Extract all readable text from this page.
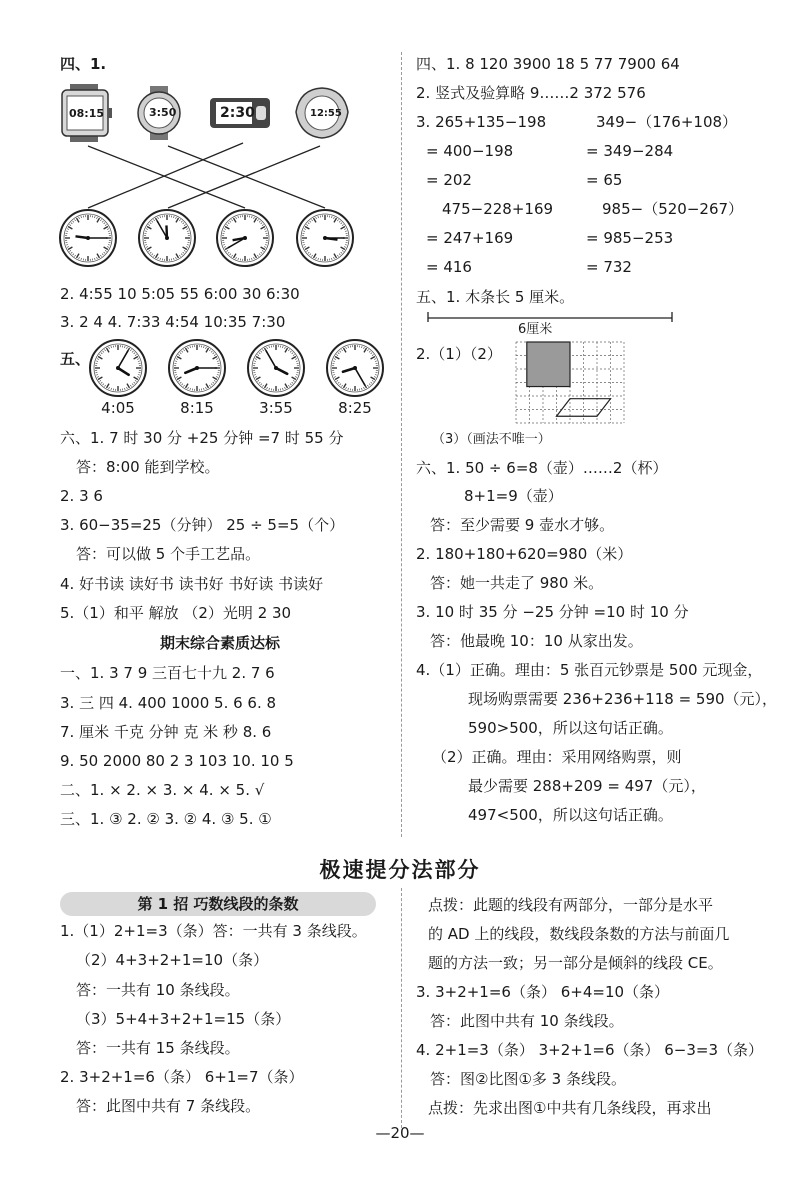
四、1.
08:15	3:50	2:30	12:55
2. 4:55 10 5:05 55 6:00 30 6:30
3. 2 4 4. 7:33 4:54 10:35 7:30
五、
4:05	8:15	3:55	8:25
六、1. 7 时 30 分 +25 分钟 =7 时 55 分
答：8:00 能到学校。
2. 3 6
3. 60−35=25（分钟） 25 ÷ 5=5（个）
答：可以做 5 个手工艺品。
4. 好书读 读好书 读书好 书好读 书读好
5.（1）和平 解放 （2）光明 2 30
期末综合素质达标
一、1. 3 7 9 三百七十九 2. 7 6
3. 三 四 4. 400 1000 5. 6 6. 8
7. 厘米 千克 分钟 克 米 秒 8. 6
9. 50 2000 80 2 3 103 10. 10 5
二、1. × 2. × 3. × 4. × 5. √
三、1. ③ 2. ② 3. ② 4. ③ 5. ①
四、1. 8 120 3900 18 5 77 7900 64
2. 竖式及验算略 9……2 372 576
3. 265+135−198	349−（176+108）
= 400−198	= 349−284
= 202	= 65
475−228+169	985−（520−267）
= 247+169	= 985−253
= 416	= 732
五、1. 木条长 5 厘米。
6厘米
2.（1）（2）
（3）（画法不唯一）
六、1. 50 ÷ 6=8（壶）……2（杯）
8+1=9（壶）
答：至少需要 9 壶水才够。
2. 180+180+620=980（米）
答：她一共走了 980 米。
3. 10 时 35 分 −25 分钟 =10 时 10 分
答：他最晚 10：10 从家出发。
4.（1）正确。理由：5 张百元钞票是 500 元现金，
现场购票需要 236+236+118 = 590（元），
590>500，所以这句话正确。
（2）正确。理由：采用网络购票，则
最少需要 288+209 = 497（元），
497<500，所以这句话正确。
极速提分法部分
第 1 招 巧数线段的条数
1.（1）2+1=3（条）答：一共有 3 条线段。
（2）4+3+2+1=10（条）
答：一共有 10 条线段。
（3）5+4+3+2+1=15（条）
答：一共有 15 条线段。
2. 3+2+1=6（条） 6+1=7（条）
答：此图中共有 7 条线段。
点拨：此题的线段有两部分，一部分是水平
的 AD 上的线段，数线段条数的方法与前面几
题的方法一致；另一部分是倾斜的线段 CE。
3. 3+2+1=6（条） 6+4=10（条）
答：此图中共有 10 条线段。
4. 2+1=3（条） 3+2+1=6（条） 6−3=3（条）
答：图②比图①多 3 条线段。
点拨：先求出图①中共有几条线段，再求出
—20—
